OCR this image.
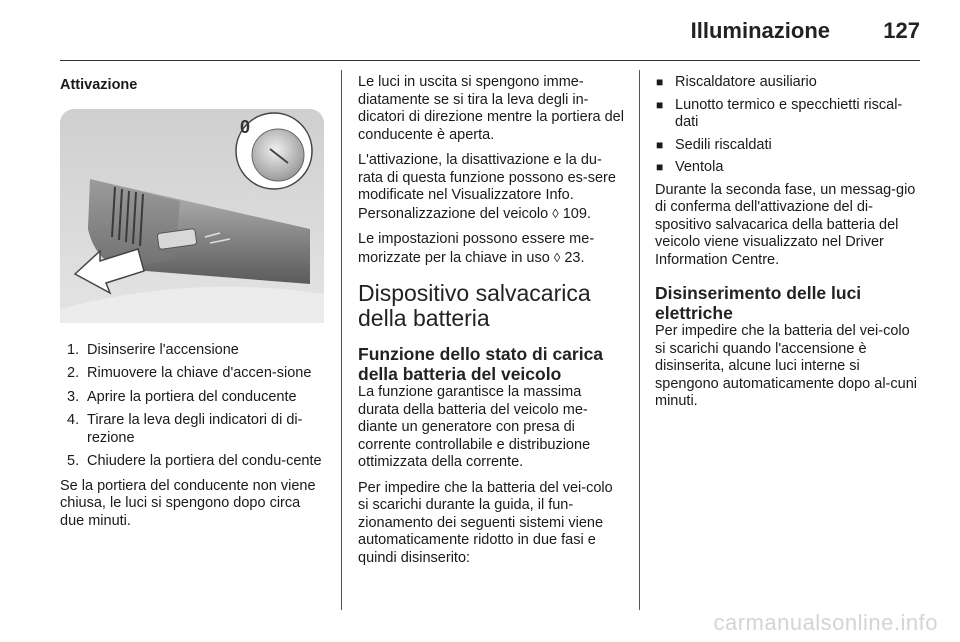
Illuminazione 127
Attivazione
0
1. Disinserire l'accensione
2. Rimuovere la chiave d'accen-sione
3. Aprire la portiera del conducente
4. Tirare la leva degli indicatori di di-rezione
5. Chiudere la portiera del condu-cente

Se la portiera del conducente non viene chiusa, le luci si spengono dopo circa due minuti.

Le luci in uscita si spengono imme-diatamente se si tira la leva degli in-dicatori di direzione mentre la portiera del conducente è aperta.

L'attivazione, la disattivazione e la du-rata di questa funzione possono es-sere modificate nel Visualizzatore Info. Personalizzazione del veicolo ◊ 109.

Le impostazioni possono essere me-morizzate per la chiave in uso ◊ 23.

Dispositivo salvacarica della batteria
Funzione dello stato di carica della batteria del veicolo

La funzione garantisce la massima durata della batteria del veicolo me-diante un generatore con presa di corrente controllabile e distribuzione ottimizzata della corrente.

Per impedire che la batteria del vei-colo si scarichi durante la guida, il fun-zionamento dei seguenti sistemi viene automaticamente ridotto in due fasi e quindi disinserito:

■ Riscaldatore ausiliario
■ Lunotto termico e specchietti riscal-dati
■ Sedili riscaldati
■ Ventola

Durante la seconda fase, un messag-gio di conferma dell'attivazione del di-spositivo salvacarica della batteria del veicolo viene visualizzato nel Driver Information Centre.

Disinserimento delle luci elettriche

Per impedire che la batteria del vei-colo si scarichi quando l'accensione è disinserita, alcune luci interne si spengono automaticamente dopo al-cuni minuti.

carmanualsonline.info
